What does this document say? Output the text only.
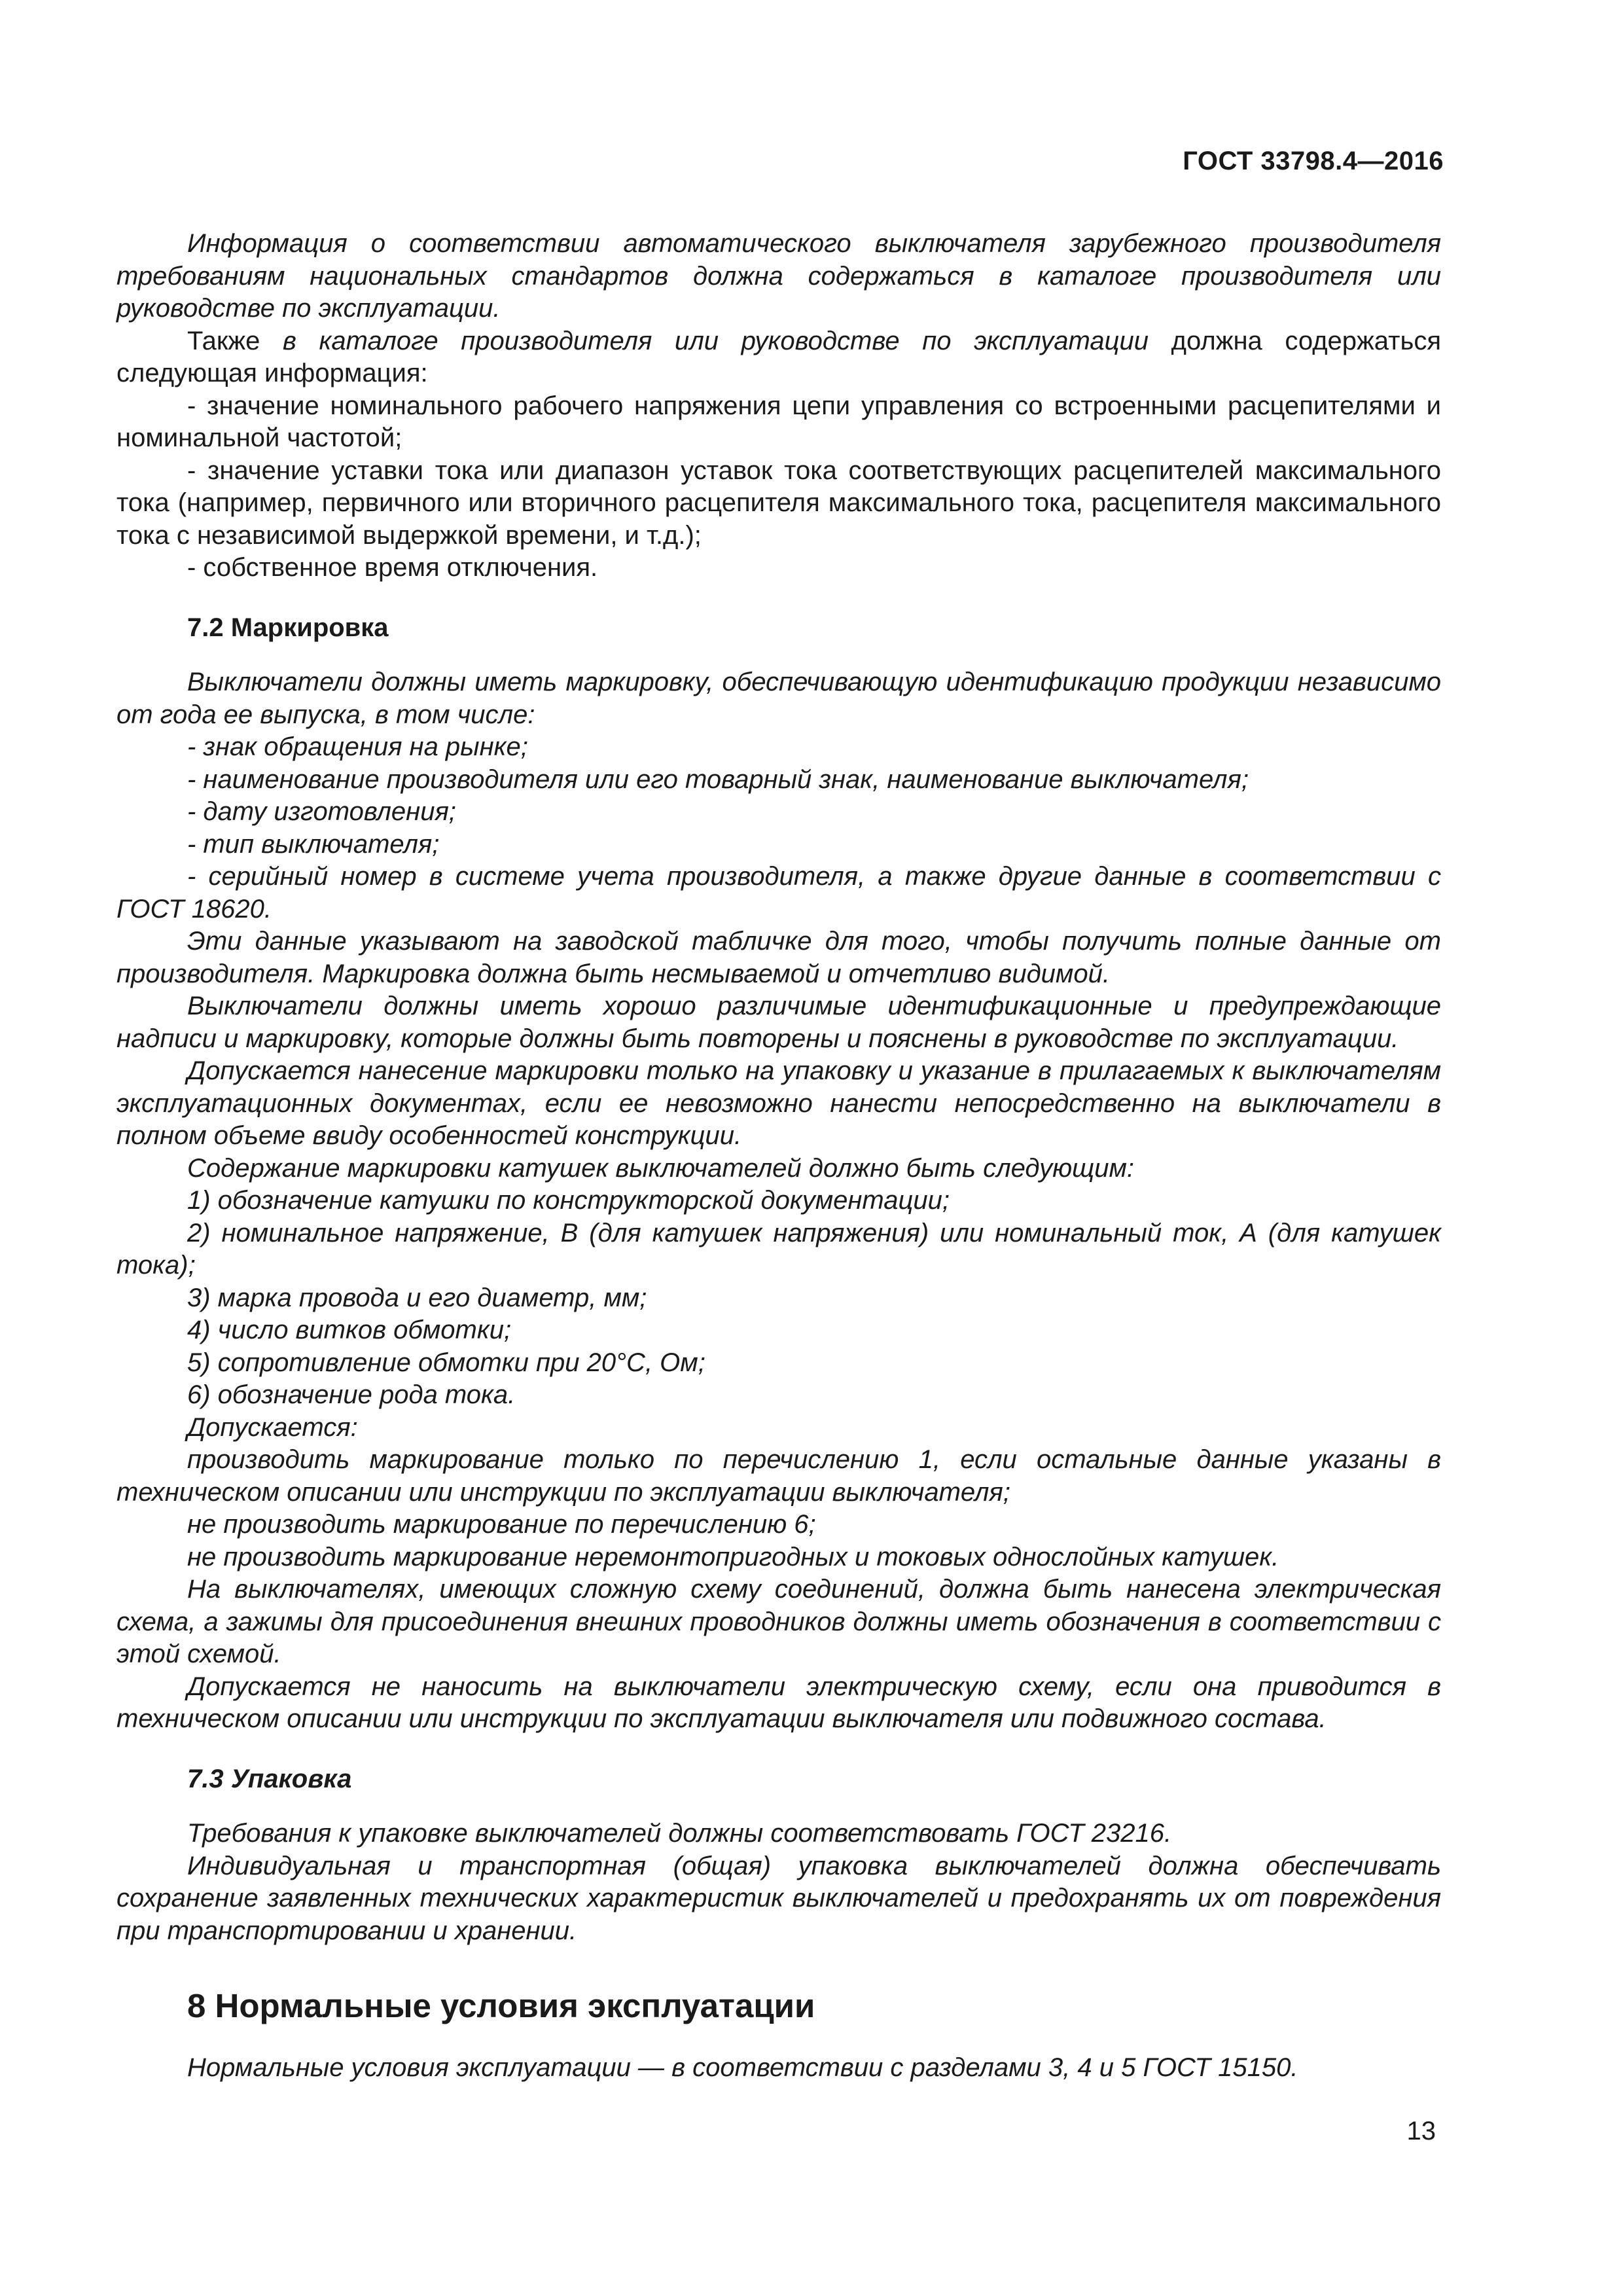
ГОСТ 33798.4—2016

Информация о соответствии автоматического выключателя зарубежного производителя требованиям национальных стандартов должна содержаться в каталоге производителя или руководстве по эксплуатации.

Также в каталоге производителя или руководстве по эксплуатации должна содержаться следующая информация:

- значение номинального рабочего напряжения цепи управления со встроенными расцепителями и номинальной частотой;

- значение уставки тока или диапазон уставок тока соответствующих расцепителей максимального тока (например, первичного или вторичного расцепителя максимального тока, расцепителя максимального тока с независимой выдержкой времени, и т.д.);

- собственное время отключения.

7.2 Маркировка

Выключатели должны иметь маркировку, обеспечивающую идентификацию продукции независимо от года ее выпуска, в том числе:

- знак обращения на рынке;

- наименование производителя или его товарный знак, наименование выключателя;

- дату изготовления;

- тип выключателя;

- серийный номер в системе учета производителя, а также другие данные в соответствии с ГОСТ 18620.

Эти данные указывают на заводской табличке для того, чтобы получить полные данные от производителя. Маркировка должна быть несмываемой и отчетливо видимой.

Выключатели должны иметь хорошо различимые идентификационные и предупреждающие надписи и маркировку, которые должны быть повторены и пояснены в руководстве по эксплуатации.

Допускается нанесение маркировки только на упаковку и указание в прилагаемых к выключателям эксплуатационных документах, если ее невозможно нанести непосредственно на выключатели в полном объеме ввиду особенностей конструкции.

Содержание маркировки катушек выключателей должно быть следующим:

1) обозначение катушки по конструкторской документации;

2) номинальное напряжение, В (для катушек напряжения) или номинальный ток, А (для катушек тока);

3) марка провода и его диаметр, мм;

4) число витков обмотки;

5) сопротивление обмотки при 20°С, Ом;

6) обозначение рода тока.

Допускается:

производить маркирование только по перечислению 1, если остальные данные указаны в техническом описании или инструкции по эксплуатации выключателя;

не производить маркирование по перечислению 6;

не производить маркирование неремонтопригодных и токовых однослойных катушек.

На выключателях, имеющих сложную схему соединений, должна быть нанесена электрическая схема, а зажимы для присоединения внешних проводников должны иметь обозначения в соответствии с этой схемой.

Допускается не наносить на выключатели электрическую схему, если она приводится в техническом описании или инструкции по эксплуатации выключателя или подвижного состава.

7.3 Упаковка

Требования к упаковке выключателей должны соответствовать ГОСТ 23216.

Индивидуальная и транспортная (общая) упаковка выключателей должна обеспечивать сохранение заявленных технических характеристик выключателей и предохранять их от повреждения при транспортировании и хранении.

8 Нормальные условия эксплуатации

Нормальные условия эксплуатации — в соответствии с разделами 3, 4 и 5 ГОСТ 15150.

13
